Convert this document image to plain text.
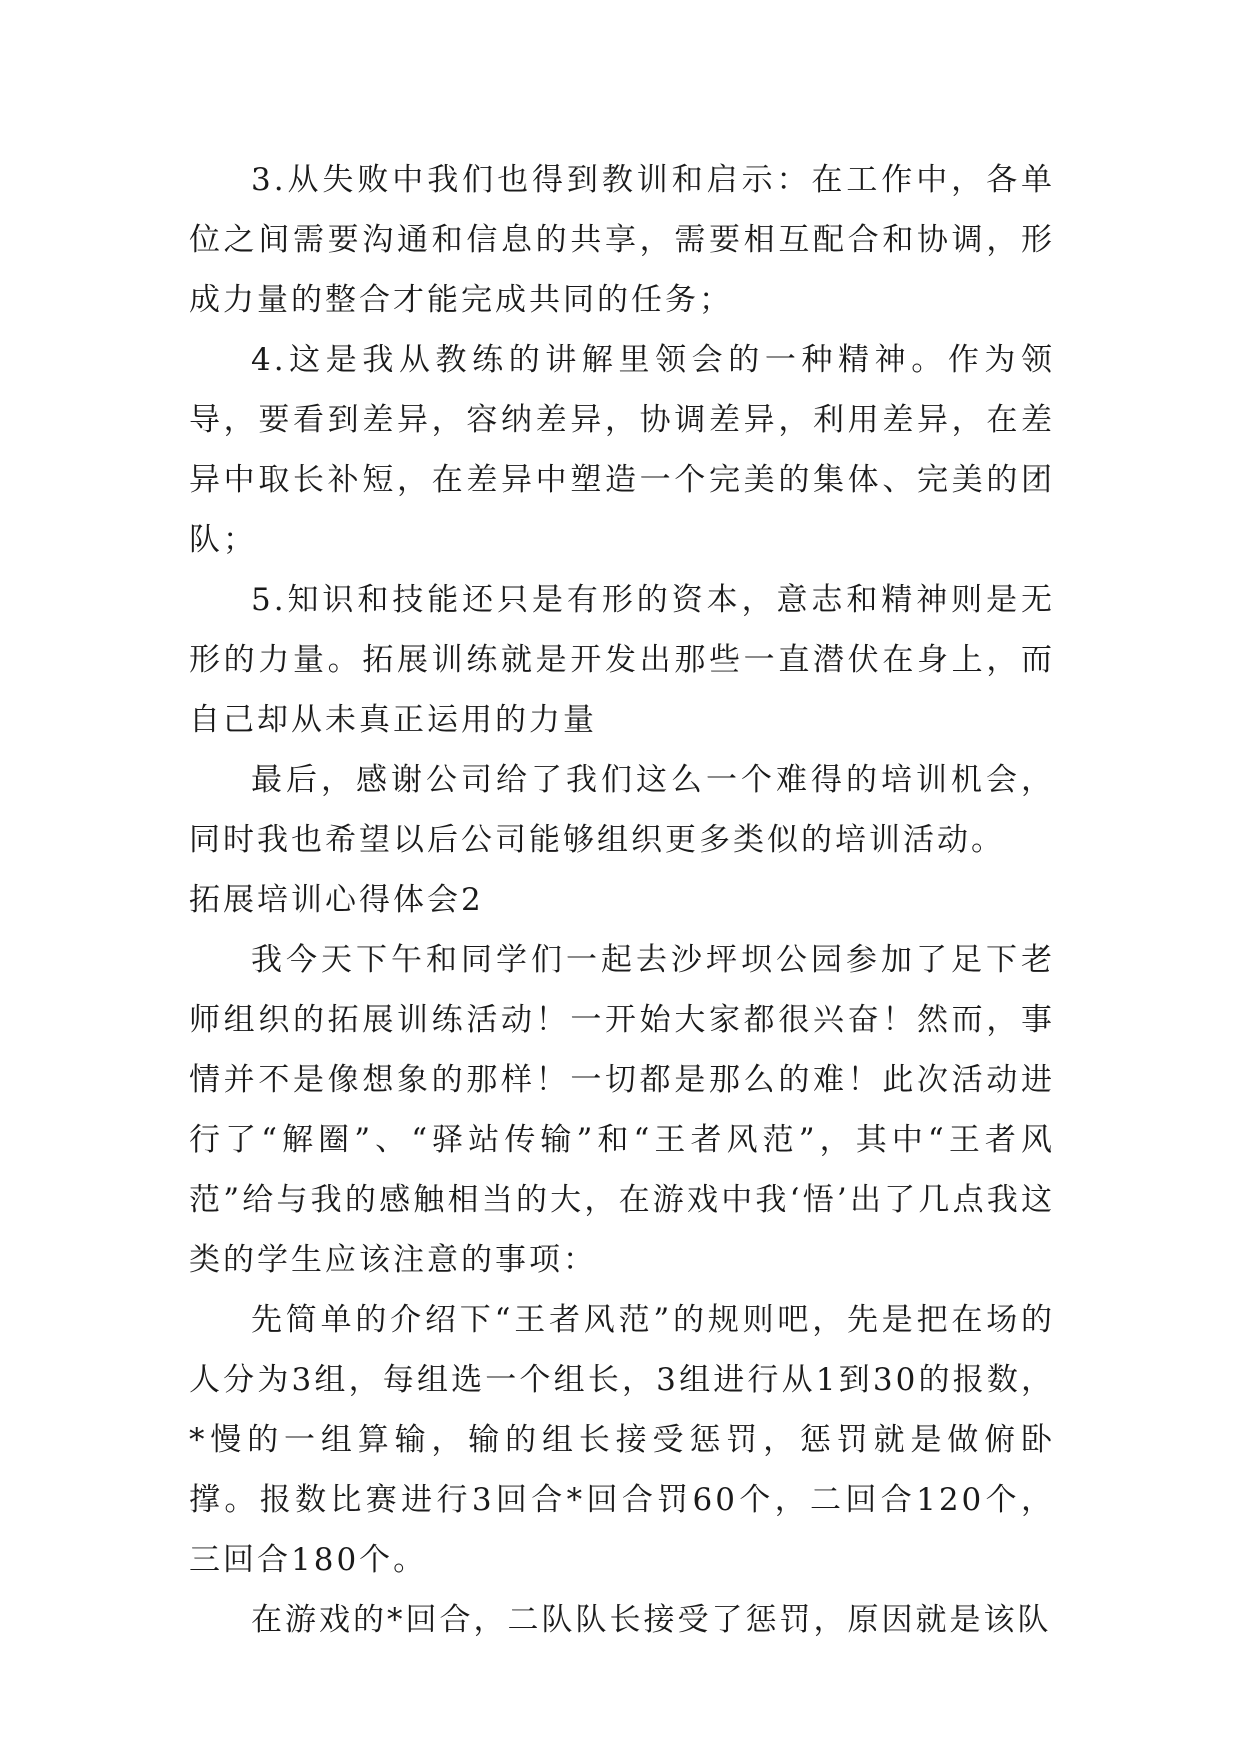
3.从失败中我们也得到教训和启示：在工作中，各单位之间需要沟通和信息的共享，需要相互配合和协调，形成力量的整合才能完成共同的任务；

4.这是我从教练的讲解里领会的一种精神。作为领导，要看到差异，容纳差异，协调差异，利用差异，在差异中取长补短，在差异中塑造一个完美的集体、完美的团队；

5.知识和技能还只是有形的资本，意志和精神则是无形的力量。拓展训练就是开发出那些一直潜伏在身上，而自己却从未真正运用的力量

最后，感谢公司给了我们这么一个难得的培训机会，同时我也希望以后公司能够组织更多类似的培训活动。

拓展培训心得体会2

我今天下午和同学们一起去沙坪坝公园参加了足下老师组织的拓展训练活动！一开始大家都很兴奋！然而，事情并不是像想象的那样！一切都是那么的难！此次活动进行了“解圈”、“驿站传输”和“王者风范”，其中“王者风范”给与我的感触相当的大，在游戏中我‘悟’出了几点我这类的学生应该注意的事项：

先简单的介绍下“王者风范”的规则吧，先是把在场的人分为3组，每组选一个组长，3组进行从1到30的报数，*慢的一组算输，输的组长接受惩罚，惩罚就是做俯卧撑。报数比赛进行3回合*回合罚60个，二回合120个，三回合180个。

在游戏的*回合，二队队长接受了惩罚，原因就是该队
